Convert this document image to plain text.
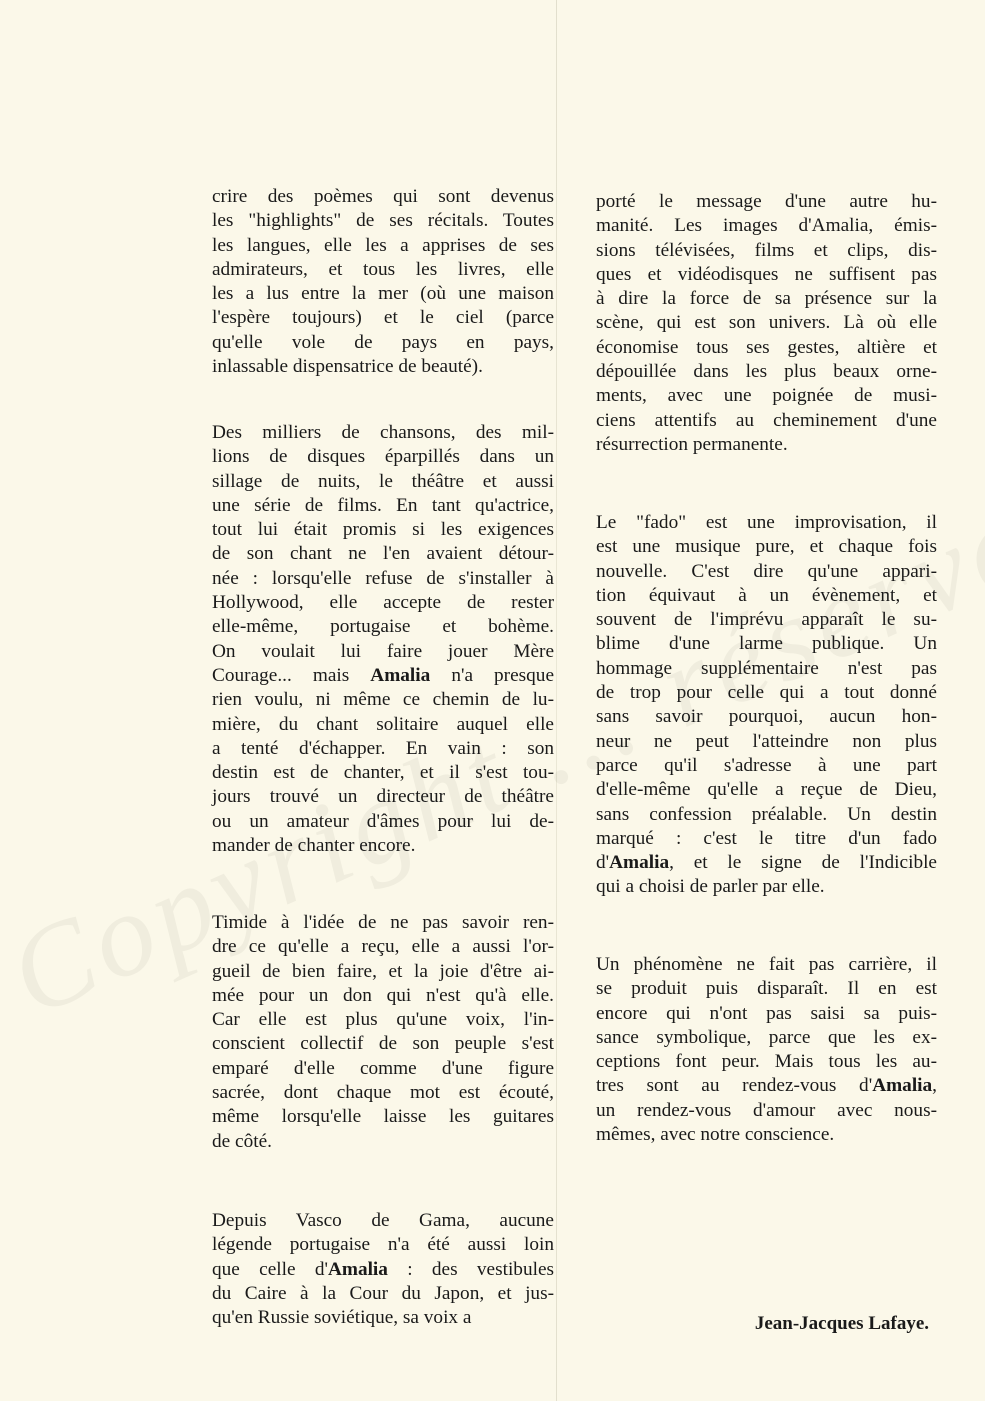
crire des poèmes qui sont devenus
les "highlights" de ses récitals. Toutes
les langues, elle les a apprises de ses
admirateurs, et tous les livres, elle
les a lus entre la mer (où une maison
l'espère toujours) et le ciel (parce
qu'elle vole de pays en pays,
inlassable dispensatrice de beauté).
Des milliers de chansons, des mil-
lions de disques éparpillés dans un
sillage de nuits, le théâtre et aussi
une série de films. En tant qu'actrice,
tout lui était promis si les exigences
de son chant ne l'en avaient détour-
née : lorsqu'elle refuse de s'installer à
Hollywood, elle accepte de rester
elle-même, portugaise et bohème.
On voulait lui faire jouer Mère
Courage... mais Amalia n'a presque
rien voulu, ni même ce chemin de lu-
mière, du chant solitaire auquel elle
a tenté d'échapper. En vain : son
destin est de chanter, et il s'est tou-
jours trouvé un directeur de théâtre
ou un amateur d'âmes pour lui de-
mander de chanter encore.
Timide à l'idée de ne pas savoir ren-
dre ce qu'elle a reçu, elle a aussi l'or-
gueil de bien faire, et la joie d'être ai-
mée pour un don qui n'est qu'à elle.
Car elle est plus qu'une voix, l'in-
conscient collectif de son peuple s'est
emparé d'elle comme d'une figure
sacrée, dont chaque mot est écouté,
même lorsqu'elle laisse les guitares
de côté.
Depuis Vasco de Gama, aucune
légende portugaise n'a été aussi loin
que celle d'Amalia : des vestibules
du Caire à la Cour du Japon, et jus-
qu'en Russie soviétique, sa voix a
porté le message d'une autre hu-
manité. Les images d'Amalia, émis-
sions télévisées, films et clips, dis-
ques et vidéodisques ne suffisent pas
à dire la force de sa présence sur la
scène, qui est son univers. Là où elle
économise tous ses gestes, altière et
dépouillée dans les plus beaux orne-
ments, avec une poignée de musi-
ciens attentifs au cheminement d'une
résurrection permanente.
Le "fado" est une improvisation, il
est une musique pure, et chaque fois
nouvelle. C'est dire qu'une appari-
tion équivaut à un évènement, et
souvent de l'imprévu apparaît le su-
blime d'une larme publique. Un
hommage supplémentaire n'est pas
de trop pour celle qui a tout donné
sans savoir pourquoi, aucun hon-
neur ne peut l'atteindre non plus
parce qu'il s'adresse à une part
d'elle-même qu'elle a reçue de Dieu,
sans confession préalable. Un destin
marqué : c'est le titre d'un fado
d'Amalia, et le signe de l'Indicible
qui a choisi de parler par elle.
Un phénomène ne fait pas carrière, il
se produit puis disparaît. Il en est
encore qui n'ont pas saisi sa puis-
sance symbolique, parce que les ex-
ceptions font peur. Mais tous les au-
tres sont au rendez-vous d'Amalia,
un rendez-vous d'amour avec nous-
mêmes, avec notre conscience.
Jean-Jacques Lafaye.
